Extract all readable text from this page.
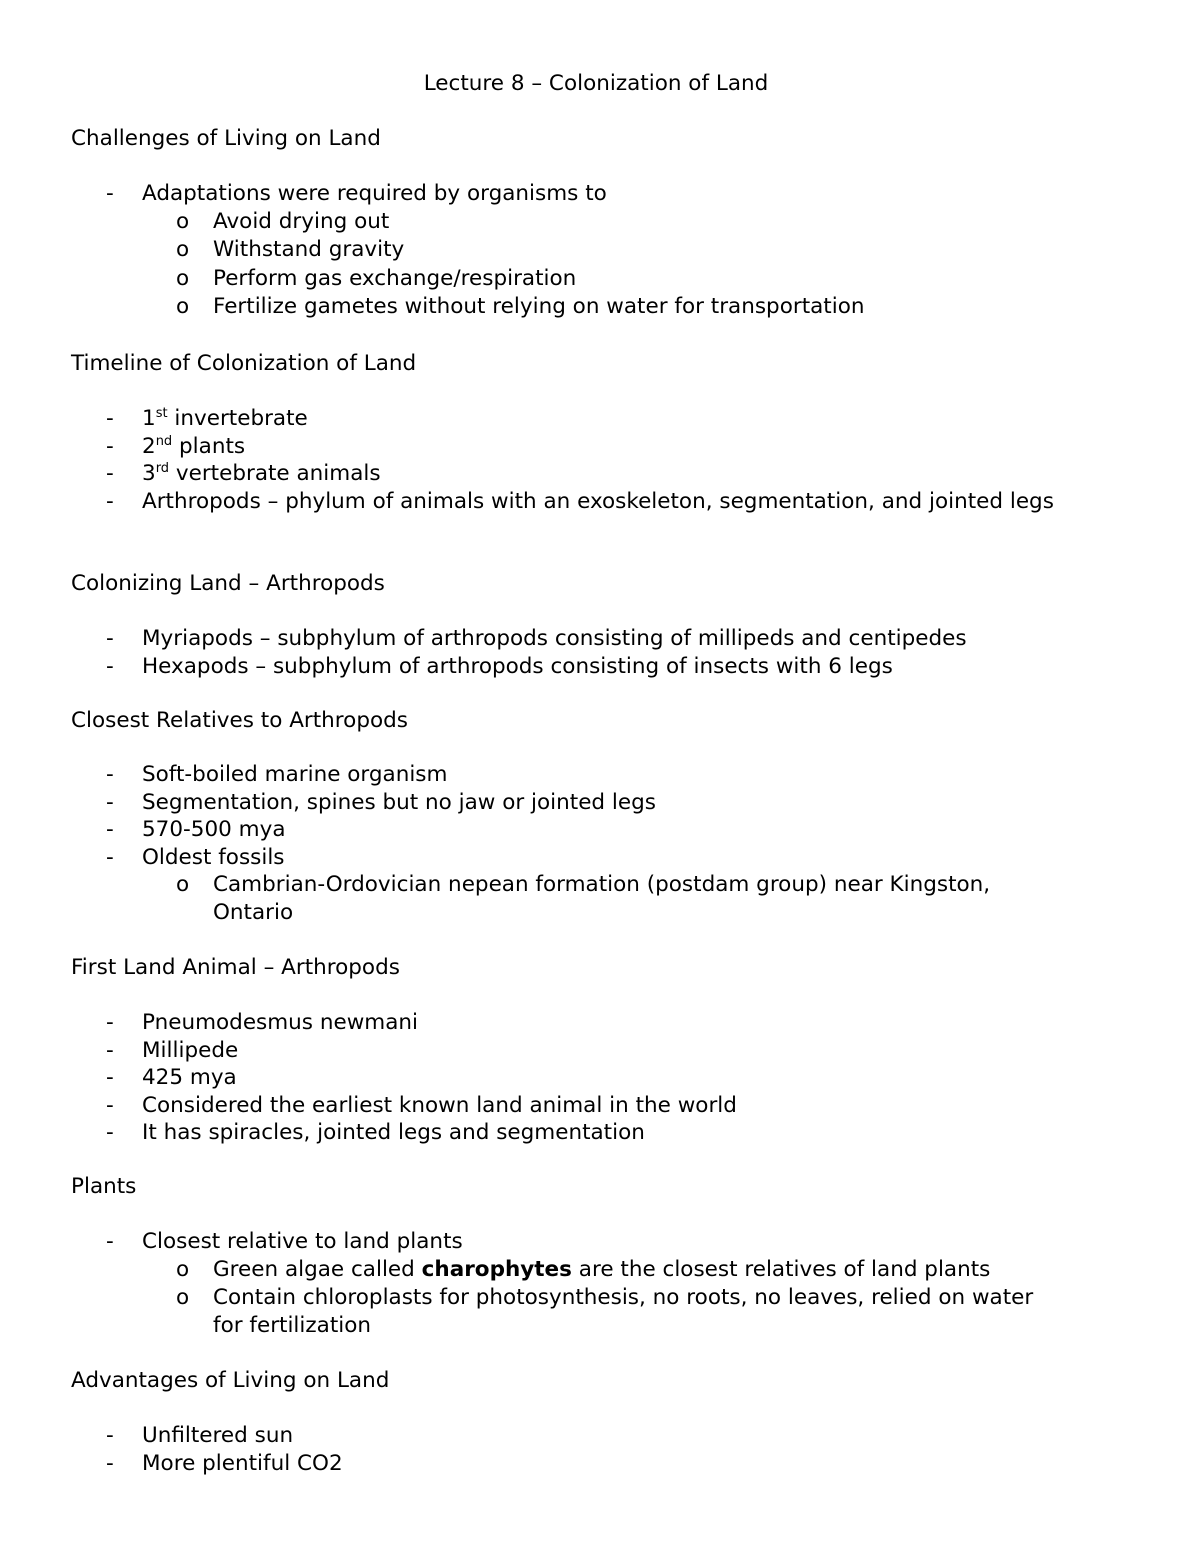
Lecture 8 – Colonization of Land
Challenges of Living on Land
- Adaptations were required by organisms to
o Avoid drying out
o Withstand gravity
o Perform gas exchange/respiration
o Fertilize gametes without relying on water for transportation
Timeline of Colonization of Land
- 1st invertebrate
- 2nd plants
- 3rd vertebrate animals
- Arthropods – phylum of animals with an exoskeleton, segmentation, and jointed legs
Colonizing Land – Arthropods
- Myriapods – subphylum of arthropods consisting of millipeds and centipedes
- Hexapods – subphylum of arthropods consisting of insects with 6 legs
Closest Relatives to Arthropods
- Soft-boiled marine organism
- Segmentation, spines but no jaw or jointed legs
- 570-500 mya
- Oldest fossils
o Cambrian-Ordovician nepean formation (postdam group) near Kingston, Ontario
First Land Animal – Arthropods
- Pneumodesmus newmani
- Millipede
- 425 mya
- Considered the earliest known land animal in the world
- It has spiracles, jointed legs and segmentation
Plants
- Closest relative to land plants
o Green algae called charophytes are the closest relatives of land plants
o Contain chloroplasts for photosynthesis, no roots, no leaves, relied on water for fertilization
Advantages of Living on Land
- Unfiltered sun
- More plentiful CO2
